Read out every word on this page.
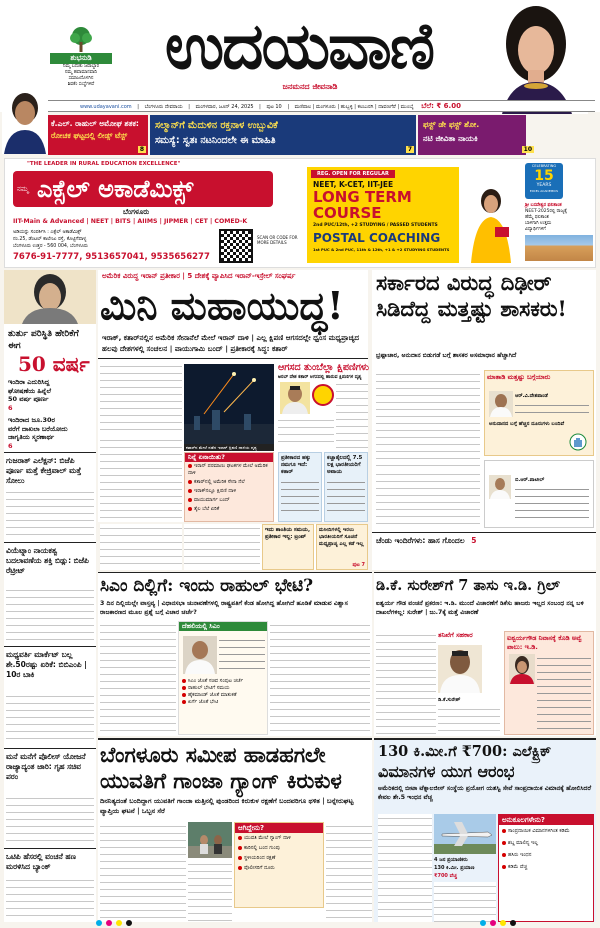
ಶುಭನುಡಿ
ನಿಮ್ಮ ಬದುಕು ಜವಾಬ್ದಾರ
ನಮ್ಮ ಹವಾಮಾನವಾದಿ
ಸಮಾಜದೊಳಗಿನ
ಶಿವಕೆಂ ಸಂಸ್ಥೆಗಳಿವೆ
ಉದಯವಾಣಿ
ಜನಮನದ ಜೀವನಾಡಿ
www.udayavani.com | ಬೆಂಗಳೂರು ದೇವರಾಯ | ಮಂಗಳವಾರ, ಜೂನ್ 24, 2025 | ಪುಟ 10 | ಮಣಿಪಾಲ | ಮಂಗಳೂರು | ಹುಬ್ಬಳ್ಳಿ | ಕಲಬುರಗಿ | ದಾವಣಗೆರೆ | ಮುಂಬೈ ಬೆಲೆ: ₹ 6.00
ಕೆ.ಎಲ್. ರಾಹುಲ್ ಅಮೋಘ ಶತಕ:
ರೋಚಕ ಘಟ್ಟದಲ್ಲಿ ಲೀಡ್ಸ್ ಟೆಸ್ಟ್
8
ಸಲ್ಮಾನ್‌ಗೆ ಮೆದುಳಿನ ರಕ್ತನಾಳ ಉಬ್ಬುವಿಕೆ
ಸಮಸ್ಯೆ: ಸ್ವತಃ ನಟನಿಂದಲೇ ಈ ಮಾಹಿತಿ
7
ಫಸ್ಟ್ ಡೇ ಫಸ್ಟ್ ಶೋ.
ನಟಿ ಜೀವಿತಾ ನಾಯಕಿ
10
"THE LEADER IN RURAL EDUCATION EXCELLENCE"
ನಮ್ಮ ಎಕ್ಸೆಲ್ ಅಕಾಡೆಮಿಕ್ಸ್
ಬೆಂಗಳೂರು
IIT-Main & Advanced | NEET | BITS | AIIMS | JIPMER | CET | COMED-K
ಅಡಿಯನ್ನು ಸಂಪರ್ಕಿಸಿ : ಎಕ್ಸೆಲ್ ಅಕಾಡೆಮಿಕ್ಸ್
ನಂ.25, ಡೆಂಟಲ್ ಕಾಲೇಜು ರಸ್ತೆ, ಕೊಟ್ಟಿಗೆಪಾಳ್ಯ
ಬೆಂಗಳೂರು ಉತ್ತರ - 560 004, ಬೆಂಗಳೂರು
7676-91-7777, 9513657041, 9535656277
SCAN OR CODE FOR MORE DETAILS
REG. OPEN FOR REGULAR
NEET, K-CET, IIT-JEE
LONG TERM
COURSE
2nd PUC/12th, +2 STUDYING / PASSED STUDENTS
POSTAL COACHING
1st PUC & 2nd PUC, 11th & 12th, +1 & +2 STUDYING STUDENTS
CELEBRATING
15
YEARS
EXCEL ACADEMICS
ಶ್ರೀ ಬಸವೇಶ್ವರ ಫಲಿತಾಂಶ
NEET-2025ರಲ್ಲಿ ರಾಜ್ಯಕ್ಕೆ
ಹೆಮ್ಮೆ ಫಲಿತಾಂಶ
ಬಾಳಿಗಾಗಿ ಉತ್ತಮ
ವಿದ್ಯಾರ್ಥಿಗಳಿಗೆ
ತುರ್ತು ಪರಿಸ್ಥಿತಿ ಹೇರಿಕೆಗೆ ಈಗ
50 ವರ್ಷ
ಇಂದಿರಾ ಎದುರಿಸಿದ್ದ
ಘೋಷಣೆಯ ಹಿನ್ನೆಲೆ
50 ವರ್ಷ ಪೂರ್ಣ
6
ಇಂದಿರಾದ ಜೂ.30ರ
ವರೆಗೆ ದಾಖಲಾ ಬರೆಯೋದು
ಜಾಗೃತಿಯ ಸ್ಮರಣಾರ್ಥ
6
ಗುಜರಾತ್ ಎಲೆಕ್ಷನ್: ಬಿಜೆಪಿ ಪೂರ್ಣ ಮತ್ತೆ ಕೇಜ್ರಿವಾಲ್ ಮತ್ತೆ ಸೋಲು
ವಿಯೆಟ್ನಾಂ ನಾಯಕತ್ವ ಬದಲಾವಣೆಯ ಶಕ್ತಿ ಬಿಡ್ಲು: ಬಿಜೆಪಿ ರೆಟ್ರೀಟ್
ಮಧ್ಯವರ್ತಿ ಮಾರ್ಕೆಟ್ ಬಲ್ಲ ಶೇ.50ರಷ್ಟು ಏರಿಕೆ: ಬಿಬಿಎಂಪಿ | 10ರ ಬಾಕಿ
ಮನೆ ಮನೆಗೆ ಪೊಲೀಸ್ ಯೋಜನೆ ರಾಜ್ಯಾದ್ಯಂತ ಜಾರಿ: ಗೃಹ ಸಚಿವ ಪರಂ
ಒಟಿಪಿ ಹೆಸರಲ್ಲಿ ವಂಚನೆ ಹಣ ಮರಳಿಸಿದ ಬ್ಯಾಂಕ್
ಅಮೆರಿಕ ವಿರುದ್ಧ ಇರಾನ್ ಪ್ರತೀಕಾರ | 5 ದೇಶಕ್ಕೆ ವ್ಯಾಪಿಸಿದ ಇರಾನ್-ಇಸ್ರೇಲ್ ಸಂಘರ್ಷ
ಮಿನಿ ಮಹಾಯುದ್ಧ!
ಇರಾಕ್, ಕತಾರ್‌ನಲ್ಲಿನ ಅಮೆರಿಕ ಸೇನಾನೆಲೆ ಮೇಲೆ ಇರಾನ್ ದಾಳಿ | ಎಲ್ಲ ಕ್ಷಿಪಣಿ ಆಗಸದಲ್ಲೇ ಧ್ವಂಸ ಮಧ್ಯಪ್ರಾಚ್ಯದ ಹಲವು ದೇಶಗಳಲ್ಲಿ ಸಂಚಲನ | ವಾಯುಗಾಮಿ ಬಂದ್ | ಪ್ರತೀಕಾರಕ್ಕೆ ಸಿದ್ಧ: ಕತಾರ್
ಕತಾರ್‌ನ ಮೇಲೆ ನಡೆದ ಇರಾನ್ ಕ್ಷಿಪಣಿ ದಾಳಿಯ ದೃಶ್ಯ
ಆಗಸದ ತುಂಬೆಲ್ಲಾ ಕ್ಷಿಪಣಿಗಳು
ಅರಬ್ ದೇಶ ಕತಾರ್ ಆಗಸದಲ್ಲಿ ಹಾರುವ ಕ್ಷಿಪಣಿಗಳ ದೃಶ್ಯ
ನಿನ್ನೆ ಏನಾಯಿತು?
ಇರಾನ್ ಪರಮಾಣು ಘಟಕಗಳ ಮೇಲೆ ಅಮೆರಿಕ ದಾಳಿ
ಕತಾರ್‌ನಲ್ಲಿ ಅಮೆರಿಕ ಸೇನಾ ನೆಲೆ
ಇರಾಕ್‌ನಲ್ಲೂ ಕ್ಷಿಪಣಿ ದಾಳಿ
ವಾಯುಮಾರ್ಗ ಬಂದ್
ತೈಲ ಬೆಲೆ ಏರಿಕೆ
ಪ್ರತೀಕಾರದ ಹಕ್ಕು ನಮಗೂ ಇದೆ: ಕತಾರ್
ಕಚ್ಚಾತೈಲದಲ್ಲಿ 7.5 ಲಕ್ಷ ಭಾರತೀಯರಿಗೆ ಅಪಾಯ
ಇದು ಶಾಂತಿಯ ಸಮಯ, ಪ್ರತೀಕಾರ ಇಲ್ಲ: ಟ್ರಂಪ್
ಮಸೀದಿಗಳಲ್ಲಿ ಇರಲು ಭಾರತೀಯರಿಗೆ ಸೂಚನೆ ಮಧ್ಯಪ್ರಾಚ್ಯ ಎಲ್ಲ ಕಡೆ ಇಲ್ಲ
ಪುಟ 7
ಸರ್ಕಾರದ ವಿರುದ್ಧ ದಿಢೀರ್ ಸಿಡಿದೆದ್ದ ಮತ್ತಷ್ಟು ಶಾಸಕರು!
ಭ್ರಷ್ಟಾಚಾರ, ಅನುದಾನ ಬಿಡುಗಡೆ ಬಗ್ಗೆ ಶಾಸಕರ ಅಸಮಾಧಾನ ಹೆಚ್ಚಾಗಿದೆ
ಮಾತಾಡಿ ಮತ್ತಷ್ಟು ಬಗ್ಗೆಯಾರು
ಆರ್.ವಿ.ದೇಶಪಾಂಡೆ
ಅನುದಾನದ ಬಗ್ಗೆ ಹೆಚ್ಚಿನ ದೂರುಗಳು ಬಂದಿವೆ
ಬಿ.ಆರ್.ಪಾಟೀಲ್
ಚೆಂಡು ಇಂದಿರೆಗಳು: ಹಾಸ ಗೊಂದಲ 5
ಸಿಎಂ ದಿಲ್ಲಿಗೆ: ಇಂದು ರಾಹುಲ್ ಭೇಟಿ?
3 ದಿನ ದಿಲ್ಲಿಯಲ್ಲೇ ವಾಸ್ತವ್ಯ | ವಿಧಾನಸಭಾ ಚುನಾವಣೆಗಳಲ್ಲಿ ರಾಷ್ಟ್ರಪತಿಗೆ ಕೆಂಡ ಹೋಗಿದ್ದ ಹೋಗಿದೆ ಹೂಡಿಕೆ ಮಾಡುವ ವಿಶ್ವಾಸ ರಾಜಕಾರಣದ ಮೂಲ ಪ್ರಶ್ನೆ ಬಗ್ಗೆ ವಿಚಾರ ಚರ್ಚೆ?
ದೆಹಲಿಯಲ್ಲಿ ಸಿಎಂ
ಸಿಎಂ ಜೊತೆ ಸಚಿವ ಸಂಪುಟ ಚರ್ಚೆ
ರಾಹುಲ್ ಭೇಟಿಗೆ ಸಮಯ
ಹೈಕಮಾಂಡ್ ಜೊತೆ ಮಾತುಕತೆ
ಖರ್ಗೆ ಜೊತೆ ಭೇಟಿ
ಡಿ.ಕೆ. ಸುರೇಶ್‌ಗೆ 7 ತಾಸು ಇ.ಡಿ. ಗ್ರಿಲ್
ಐಶ್ವರ್ಯ ಗೌಡ ವಂಚನೆ ಪ್ರಕರಣ: ಇ.ಡಿ. ಮುಂದೆ ವಿಚಾರಣೆಗೆ ಡಿಕೆಸು ಹಾಜರು ಇಲ್ಲದ ಸಂಬಂಧ ನನ್ನ ಬಳಿ ದಾಖಲೆಗಳಿಲ್ಲ: ಸುರೇಶ್ | ಜು.7ಕ್ಕೆ ಮತ್ತೆ ವಿಚಾರಣೆ
ತನಿಖೆಗೆ ಸಹಕಾರ
ಡಿ.ಕೆ.ಸುರೇಶ್
ಐಶ್ವರ್ಯಗೌಡ ನಿವಾಸಕ್ಕೆ ಕೊಡಿ ಅವ್ವೆ ಪಾಲು: ಇ.ಡಿ.
ಬೆಂಗಳೂರು ಸಮೀಪ ಹಾಡಹಗಲೇ
ಯುವತಿಗೆ ಗಾಂಜಾ ಗ್ಯಾಂಗ್ ಕಿರುಕುಳ
ದಿನನಿತ್ಯದಂತೆ ಬಂದಿದ್ದಾಗ ಯುವತಿಗೆ ಗಾಂಜಾ ಮತ್ತಿನಲ್ಲಿ ಪುಂಡರಿಂದ ಕಿರುಕುಳ ರಕ್ಷಣೆಗೆ ಬಂದವರಿಗೂ ಥಳಿತ | ಬನ್ನೇರುಘಟ್ಟ ವ್ಯಾಪ್ತಿಯ ಘಟನೆ | ಒಬ್ಬನ ಸೆರೆ
ಆಗಿದ್ದೇನು?
ಯುವತಿ ಮೇಲೆ ಗ್ಯಾಂಗ್ ದಾಳಿ
ಕಾರಿನಲ್ಲಿ ಬಂದ ಗುಂಪು
ಸ್ಥಳೀಯರಿಂದ ರಕ್ಷಣೆ
ಪೊಲೀಸರಿಗೆ ದೂರು
130 ಕಿ.ಮೀ.ಗೆ ₹700: ಎಲೆಕ್ಟ್ರಿಕ್
ವಿಮಾನಗಳ ಯುಗ ಆರಂಭ
ಅಮೆರಿಕದಲ್ಲಿ ಬೀಟಾ ಟೆಕ್ನಾಲಜೀಸ್ ಸಂಸ್ಥೆಯ ಪ್ರಯೋಗ ಯಶಸ್ವಿ ಸೇವೆ ಸಾಂಪ್ರದಾಯಿಕ ವಿಮಾನಕ್ಕೆ ಹೋಲಿಸಿದರೆ ಕೇವಲ ಶೇ.5 ಇಂಧನ ವೆಚ್ಚ
4 ಜನ ಪ್ರಯಾಣಿಕರು
130 ಕಿ.ಮೀ. ಪ್ರಯಾಣ
₹700 ವೆಚ್ಚ
ಅನುಕೂಲಗಳೇನು?
ಸಾಂಪ್ರದಾಯಿಕ ವಿಮಾನಗಳಿಗಿಂತ ಕಡಿಮೆ
ಶಬ್ದ ಮಾಲಿನ್ಯ ಇಲ್ಲ
ಹಸಿರು ಇಂಧನ
ಕಡಿಮೆ ವೆಚ್ಚ
